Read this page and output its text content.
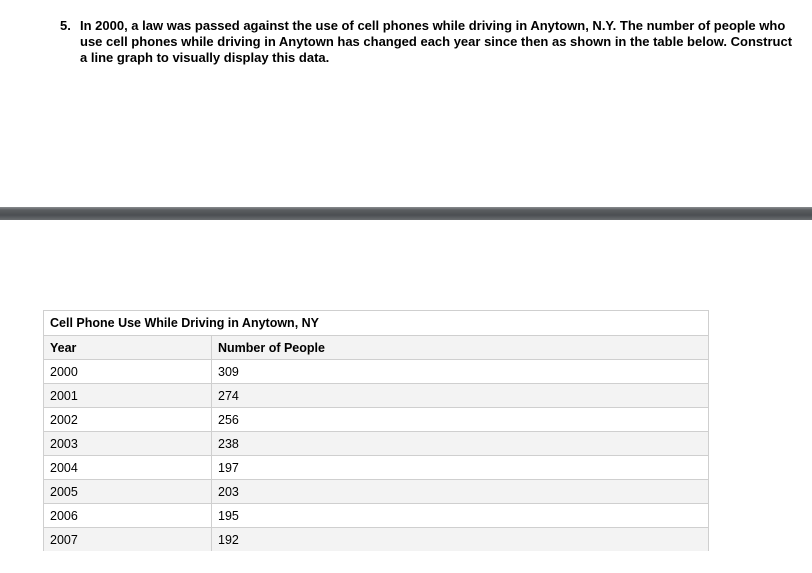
5. In 2000, a law was passed against the use of cell phones while driving in Anytown, N.Y. The number of people who use cell phones while driving in Anytown has changed each year since then as shown in the table below. Construct a line graph to visually display this data.
Cell Phone Use While Driving in Anytown, NY	
Year	Number of People
2000	309
2001	274
2002	256
2003	238
2004	197
2005	203
2006	195
2007	192
